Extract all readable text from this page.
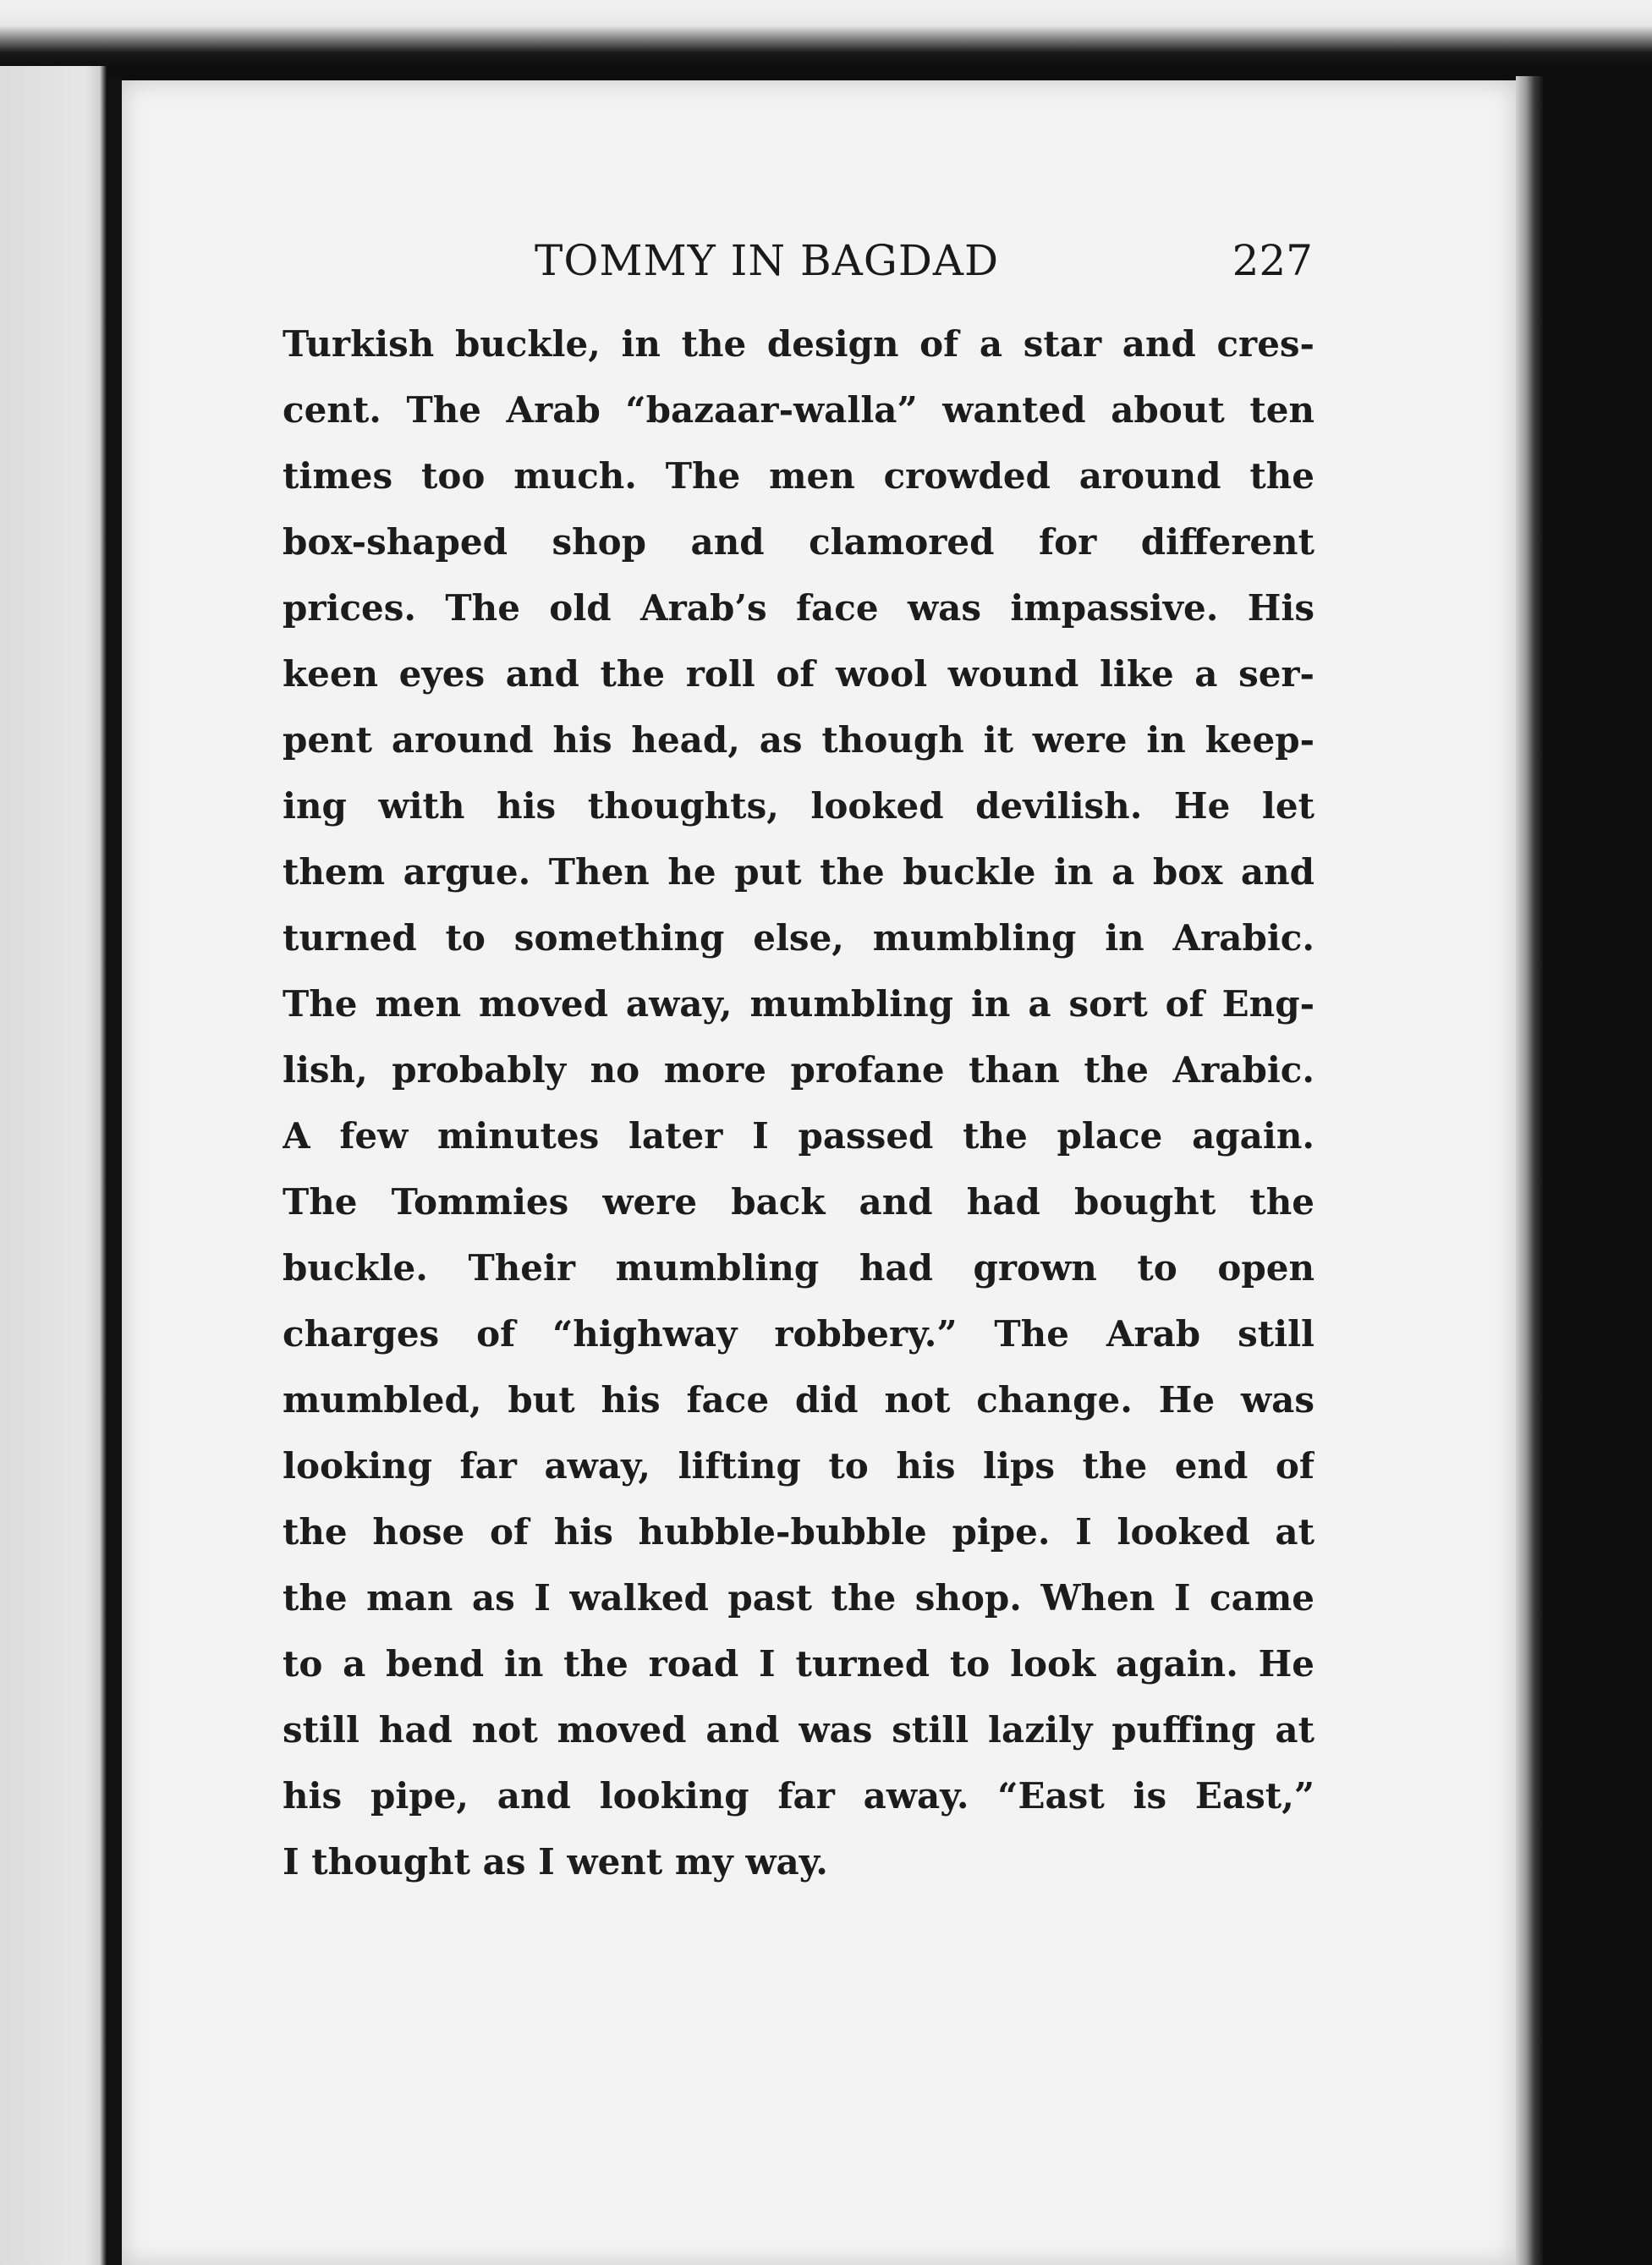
TOMMY IN BAGDAD	227
Turkish buckle, in the design of a star and cres-
cent. The Arab “bazaar-walla” wanted about ten
times too much. The men crowded around the
box-shaped shop and clamored for different
prices. The old Arab’s face was impassive. His
keen eyes and the roll of wool wound like a ser-
pent around his head, as though it were in keep-
ing with his thoughts, looked devilish. He let
them argue. Then he put the buckle in a box and
turned to something else, mumbling in Arabic.
The men moved away, mumbling in a sort of Eng-
lish, probably no more profane than the Arabic.
A few minutes later I passed the place again.
The Tommies were back and had bought the
buckle. Their mumbling had grown to open
charges of “highway robbery.” The Arab still
mumbled, but his face did not change. He was
looking far away, lifting to his lips the end of
the hose of his hubble-bubble pipe. I looked at
the man as I walked past the shop. When I came
to a bend in the road I turned to look again. He
still had not moved and was still lazily puffing at
his pipe, and looking far away. “East is East,”
I thought as I went my way.
